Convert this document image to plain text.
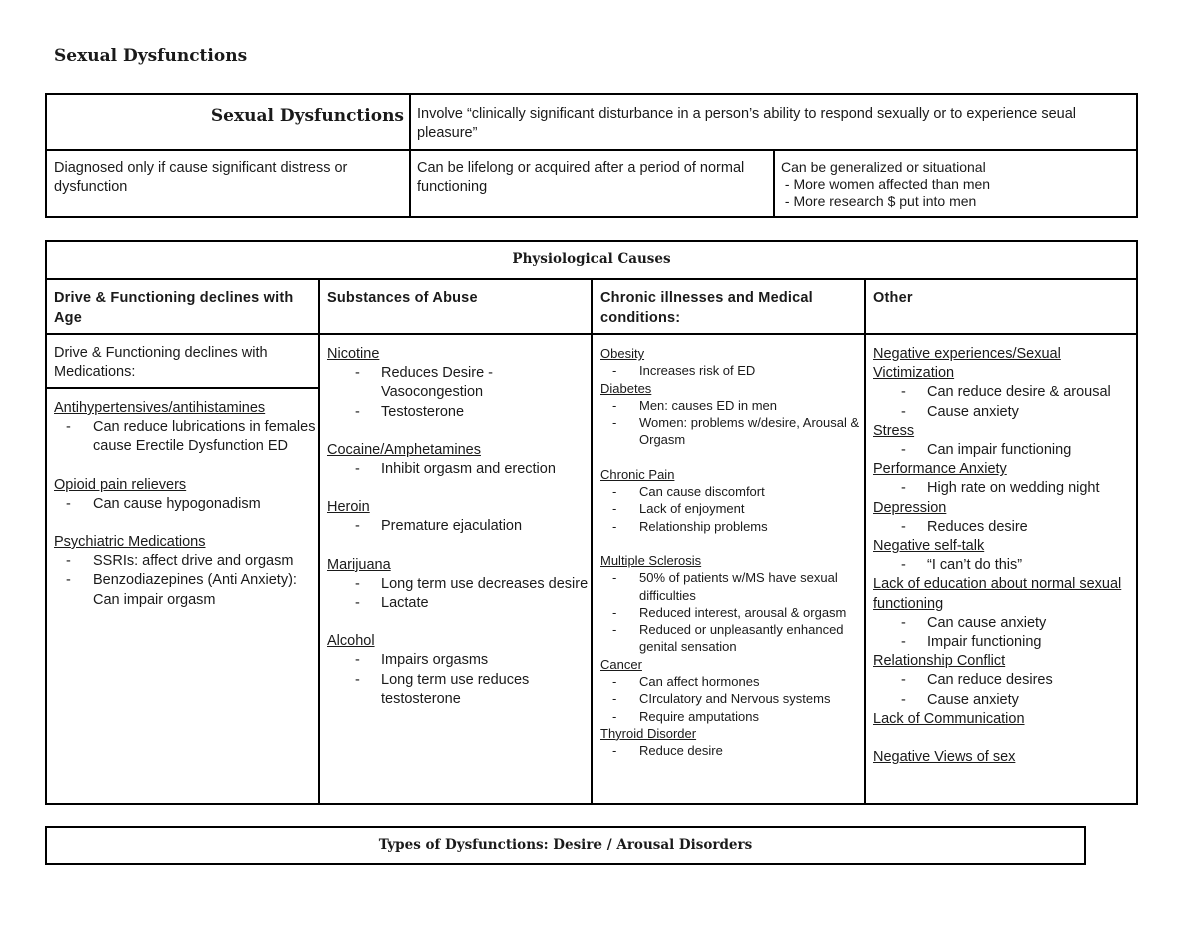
Sexual Dysfunctions
Sexual Dysfunctions Involve “clinically significant disturbance in a person’s ability to respond sexually or to experience seual pleasure”
Diagnosed only if cause significant distress or dysfunction
Can be lifelong or acquired after a period of normal functioning
Can be generalized or situational
- More women affected than men
- More research $ put into men
Physiological Causes
Drive & Functioning declines with Age
Substances of Abuse	Chronic illnesses and Medical conditions:
Other
Drive & Functioning declines with Medications:
Antihypertensives/antihistamines
- Can reduce lubrications in females cause Erectile Dysfunction ED
Opioid pain relievers
- Can cause hypogonadism
Psychiatric Medications
- SSRIs: affect drive and orgasm
- Benzodiazepines (Anti Anxiety): Can impair orgasm
Nicotine
- Reduces Desire - Vasocongestion
- Testosterone
Cocaine/Amphetamines
- Inhibit orgasm and erection
Heroin
- Premature ejaculation
Marijuana
- Long term use decreases desire
- Lactate
Alcohol
- Impairs orgasms
- Long term use reduces testosterone
Obesity
- Increases risk of ED
Diabetes
- Men: causes ED in men
- Women: problems w/desire, Arousal & Orgasm
Chronic Pain
- Can cause discomfort
- Lack of enjoyment
- Relationship problems
Multiple Sclerosis
- 50% of patients w/MS have sexual difficulties
- Reduced interest, arousal & orgasm
- Reduced or unpleasantly enhanced genital sensation
Cancer
- Can affect hormones
- CIrculatory and Nervous systems
- Require amputations
Thyroid Disorder
- Reduce desire
Negative experiences/Sexual Victimization
- Can reduce desire & arousal
- Cause anxiety
Stress
- Can impair functioning
Performance Anxiety
- High rate on wedding night
Depression
- Reduces desire
Negative self-talk
- “I can’t do this”
Lack of education about normal sexual functioning
- Can cause anxiety
- Impair functioning
Relationship Conflict
- Can reduce desires
- Cause anxiety
Lack of Communication
Negative Views of sex
Types of Dysfunctions: Desire / Arousal Disorders
